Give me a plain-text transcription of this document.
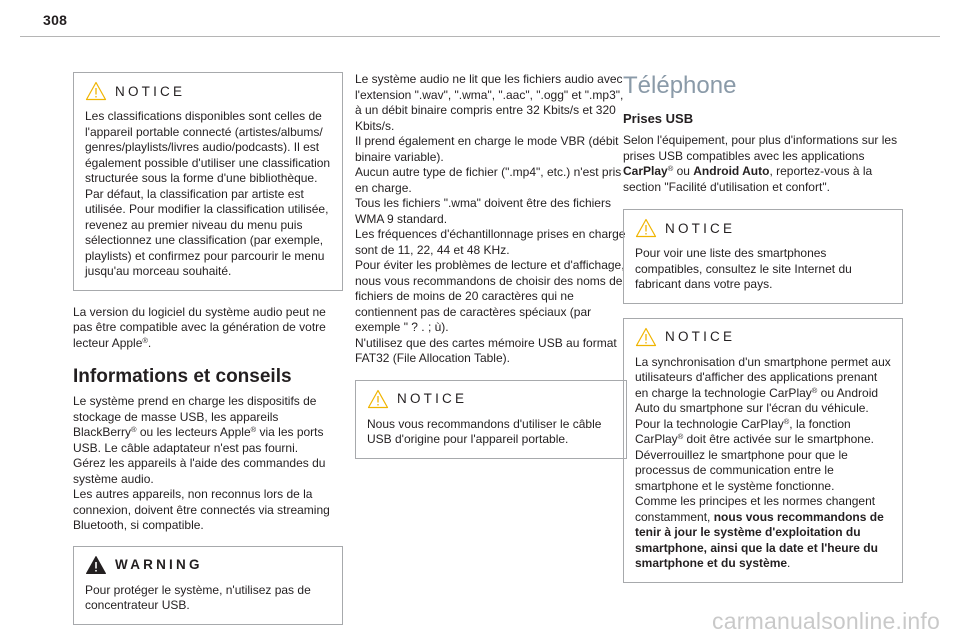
308
NOTICE

Les classifications disponibles sont celles de l'appareil portable connecté (artistes/albums/ genres/playlists/livres audio/podcasts). Il est également possible d'utiliser une classification structurée sous la forme d'une bibliothèque. Par défaut, la classification par artiste est utilisée. Pour modifier la classification utilisée, revenez au premier niveau du menu puis sélectionnez une classification (par exemple, playlists) et confirmez pour parcourir le menu jusqu'au morceau souhaité.

La version du logiciel du système audio peut ne pas être compatible avec la génération de votre lecteur Apple®.

Informations et conseils

Le système prend en charge les dispositifs de stockage de masse USB, les appareils BlackBerry® ou les lecteurs Apple® via les ports USB. Le câble adaptateur n'est pas fourni.

Gérez les appareils à l'aide des commandes du système audio.

Les autres appareils, non reconnus lors de la connexion, doivent être connectés via streaming Bluetooth, si compatible.

WARNING

Pour protéger le système, n'utilisez pas de concentrateur USB.

Le système audio ne lit que les fichiers audio avec l'extension ".wav", ".wma", ".aac", ".ogg" et ".mp3", à un débit binaire compris entre 32 Kbits/s et 320 Kbits/s.

Il prend également en charge le mode VBR (débit binaire variable).

Aucun autre type de fichier (".mp4", etc.) n'est pris en charge.

Tous les fichiers ".wma" doivent être des fichiers WMA 9 standard.

Les fréquences d'échantillonnage prises en charge sont de 11, 22, 44 et 48 KHz.

Pour éviter les problèmes de lecture et d'affichage, nous vous recommandons de choisir des noms de fichiers de moins de 20 caractères qui ne contiennent pas de caractères spéciaux (par exemple " ? . ; ù).

N'utilisez que des cartes mémoire USB au format FAT32 (File Allocation Table).

NOTICE

Nous vous recommandons d'utiliser le câble USB d'origine pour l'appareil portable.

Téléphone
Prises USB

Selon l'équipement, pour plus d'informations sur les prises USB compatibles avec les applications CarPlay® ou Android Auto, reportez-vous à la section "Facilité d'utilisation et confort".

NOTICE

Pour voir une liste des smartphones compatibles, consultez le site Internet du fabricant dans votre pays.

NOTICE

La synchronisation d'un smartphone permet aux utilisateurs d'afficher des applications prenant en charge la technologie CarPlay® ou Android Auto du smartphone sur l'écran du véhicule. Pour la technologie CarPlay®, la fonction CarPlay® doit être activée sur le smartphone.

Déverrouillez le smartphone pour que le processus de communication entre le smartphone et le système fonctionne.

Comme les principes et les normes changent constamment, nous vous recommandons de tenir à jour le système d'exploitation du smartphone, ainsi que la date et l'heure du smartphone et du système.

carmanualsonline.info
